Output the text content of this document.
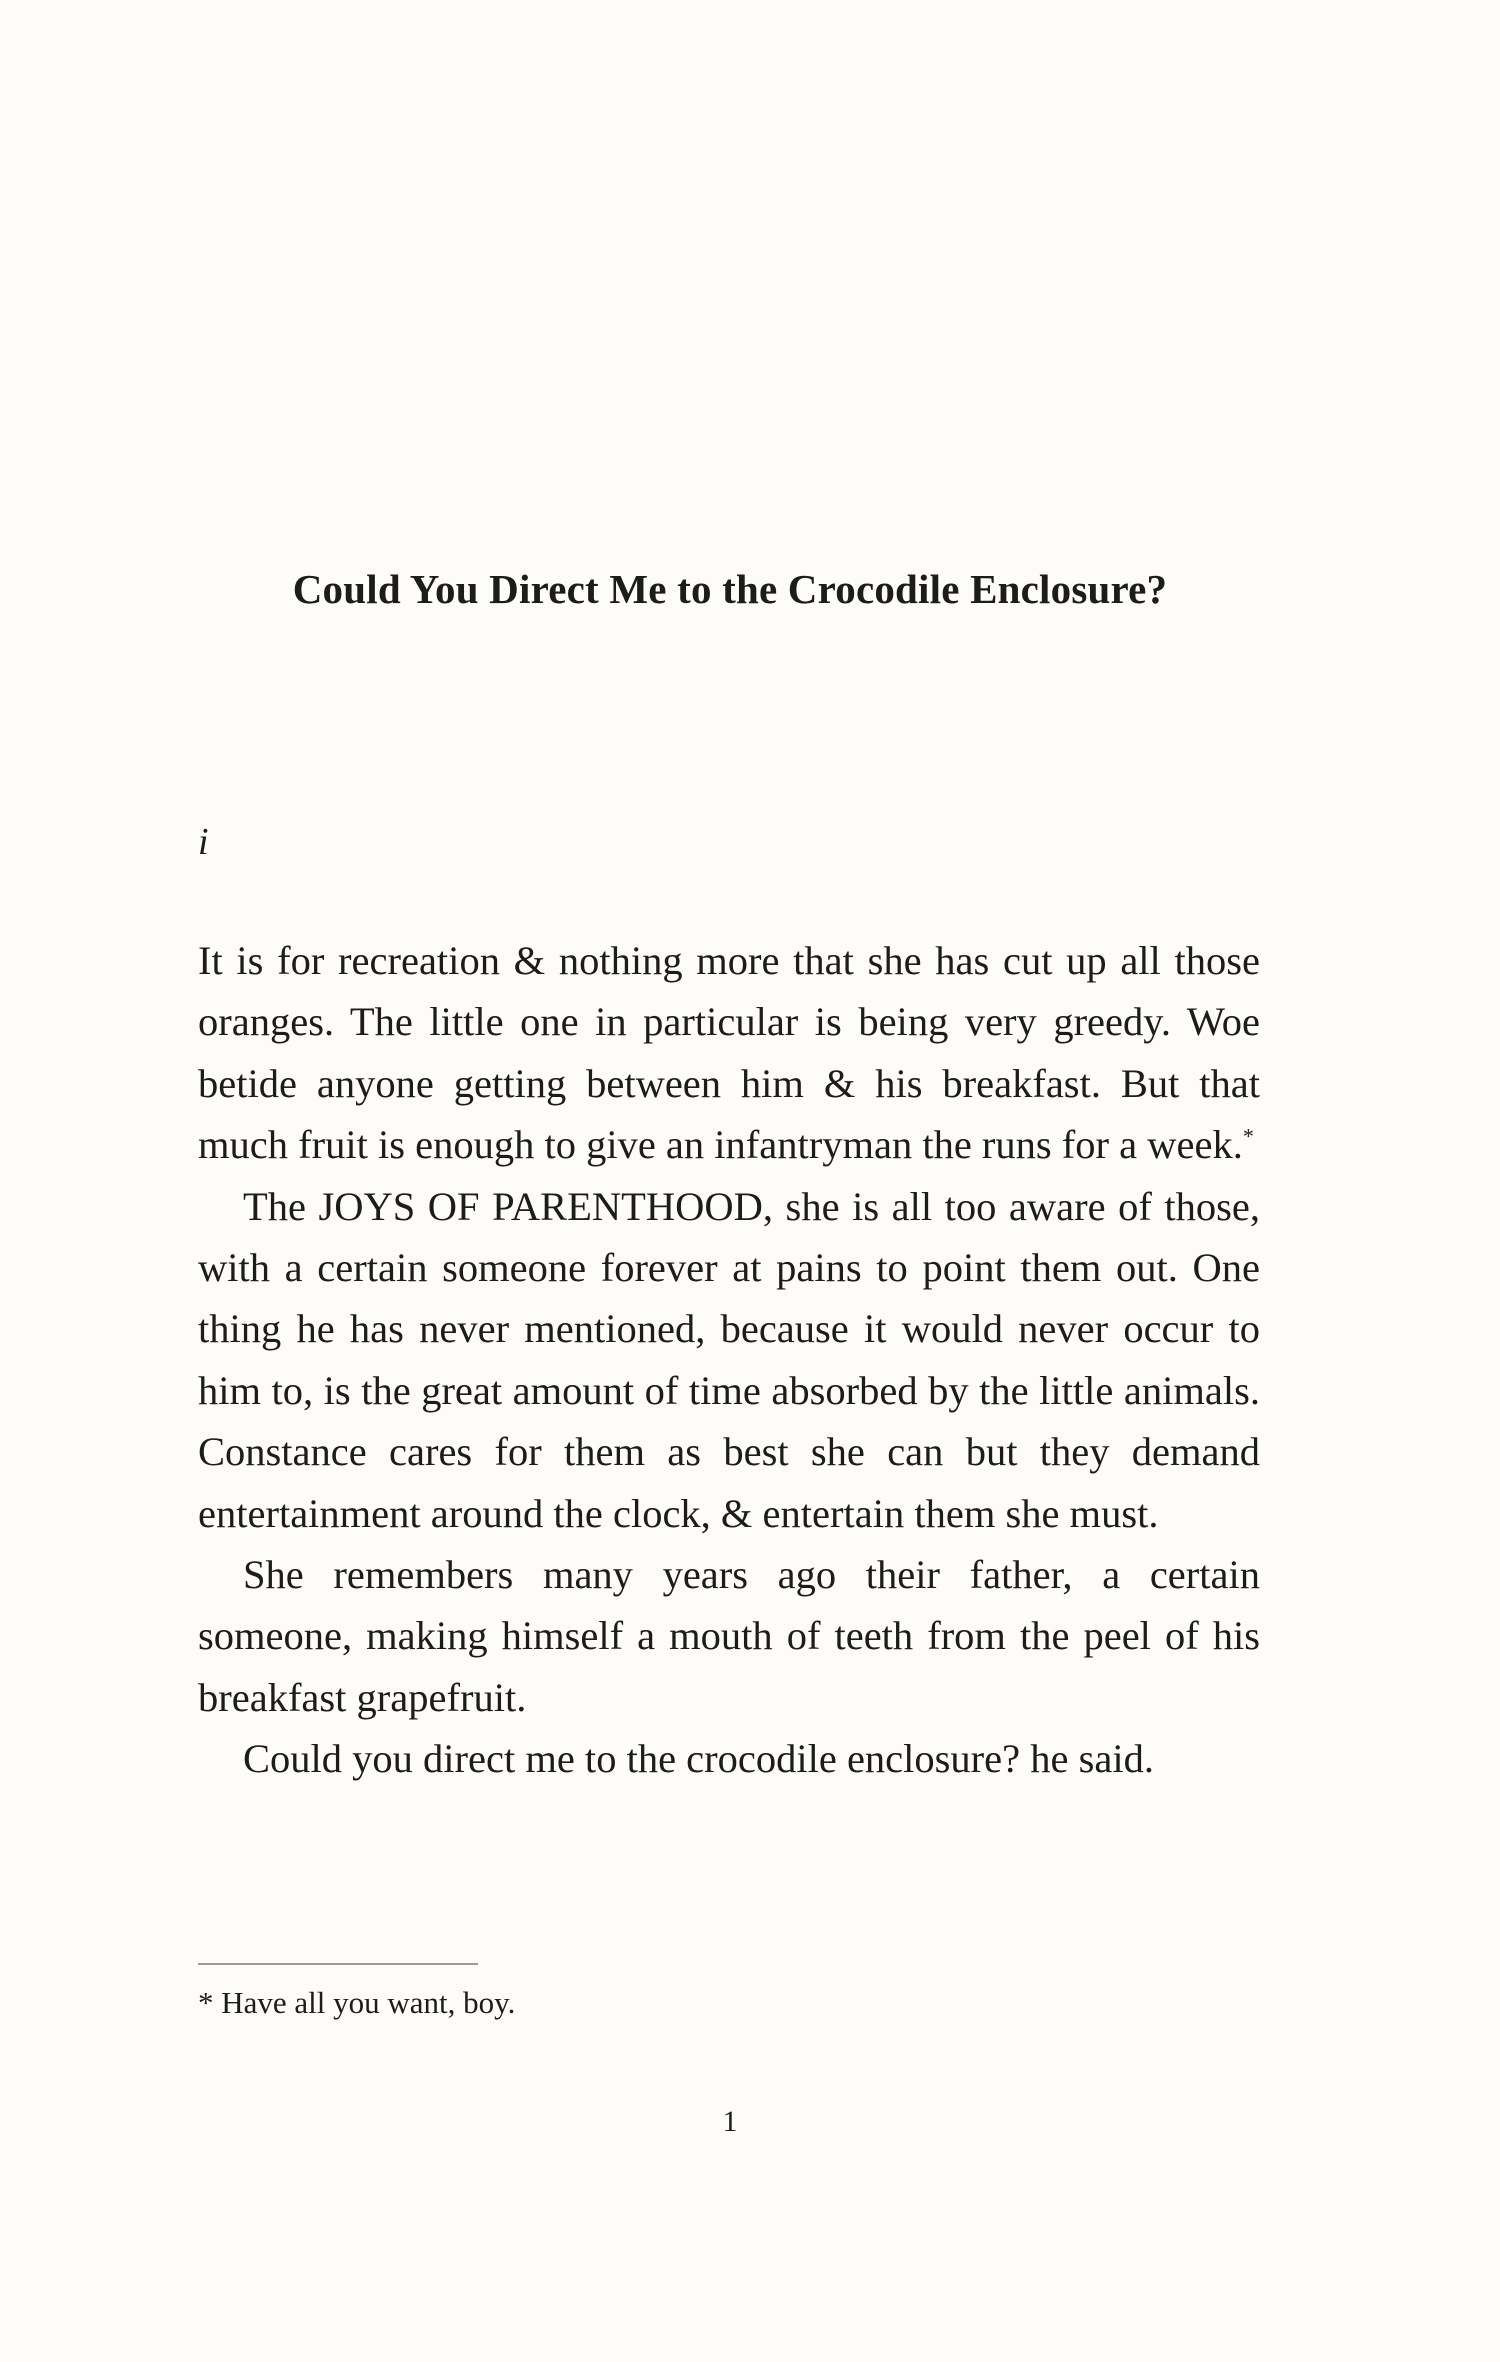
Could You Direct Me to the Crocodile Enclosure?
i

It is for recreation & nothing more that she has cut up all those oranges. The little one in particular is being very greedy. Woe betide anyone getting between him & his breakfast. But that much fruit is enough to give an infantryman the runs for a week.*

The JOYS OF PARENTHOOD, she is all too aware of those, with a certain someone forever at pains to point them out. One thing he has never mentioned, because it would never occur to him to, is the great amount of time absorbed by the little animals. Constance cares for them as best she can but they demand entertainment around the clock, & entertain them she must.

She remembers many years ago their father, a certain someone, making himself a mouth of teeth from the peel of his breakfast grapefruit.

Could you direct me to the crocodile enclosure? he said.

* Have all you want, boy.
1
